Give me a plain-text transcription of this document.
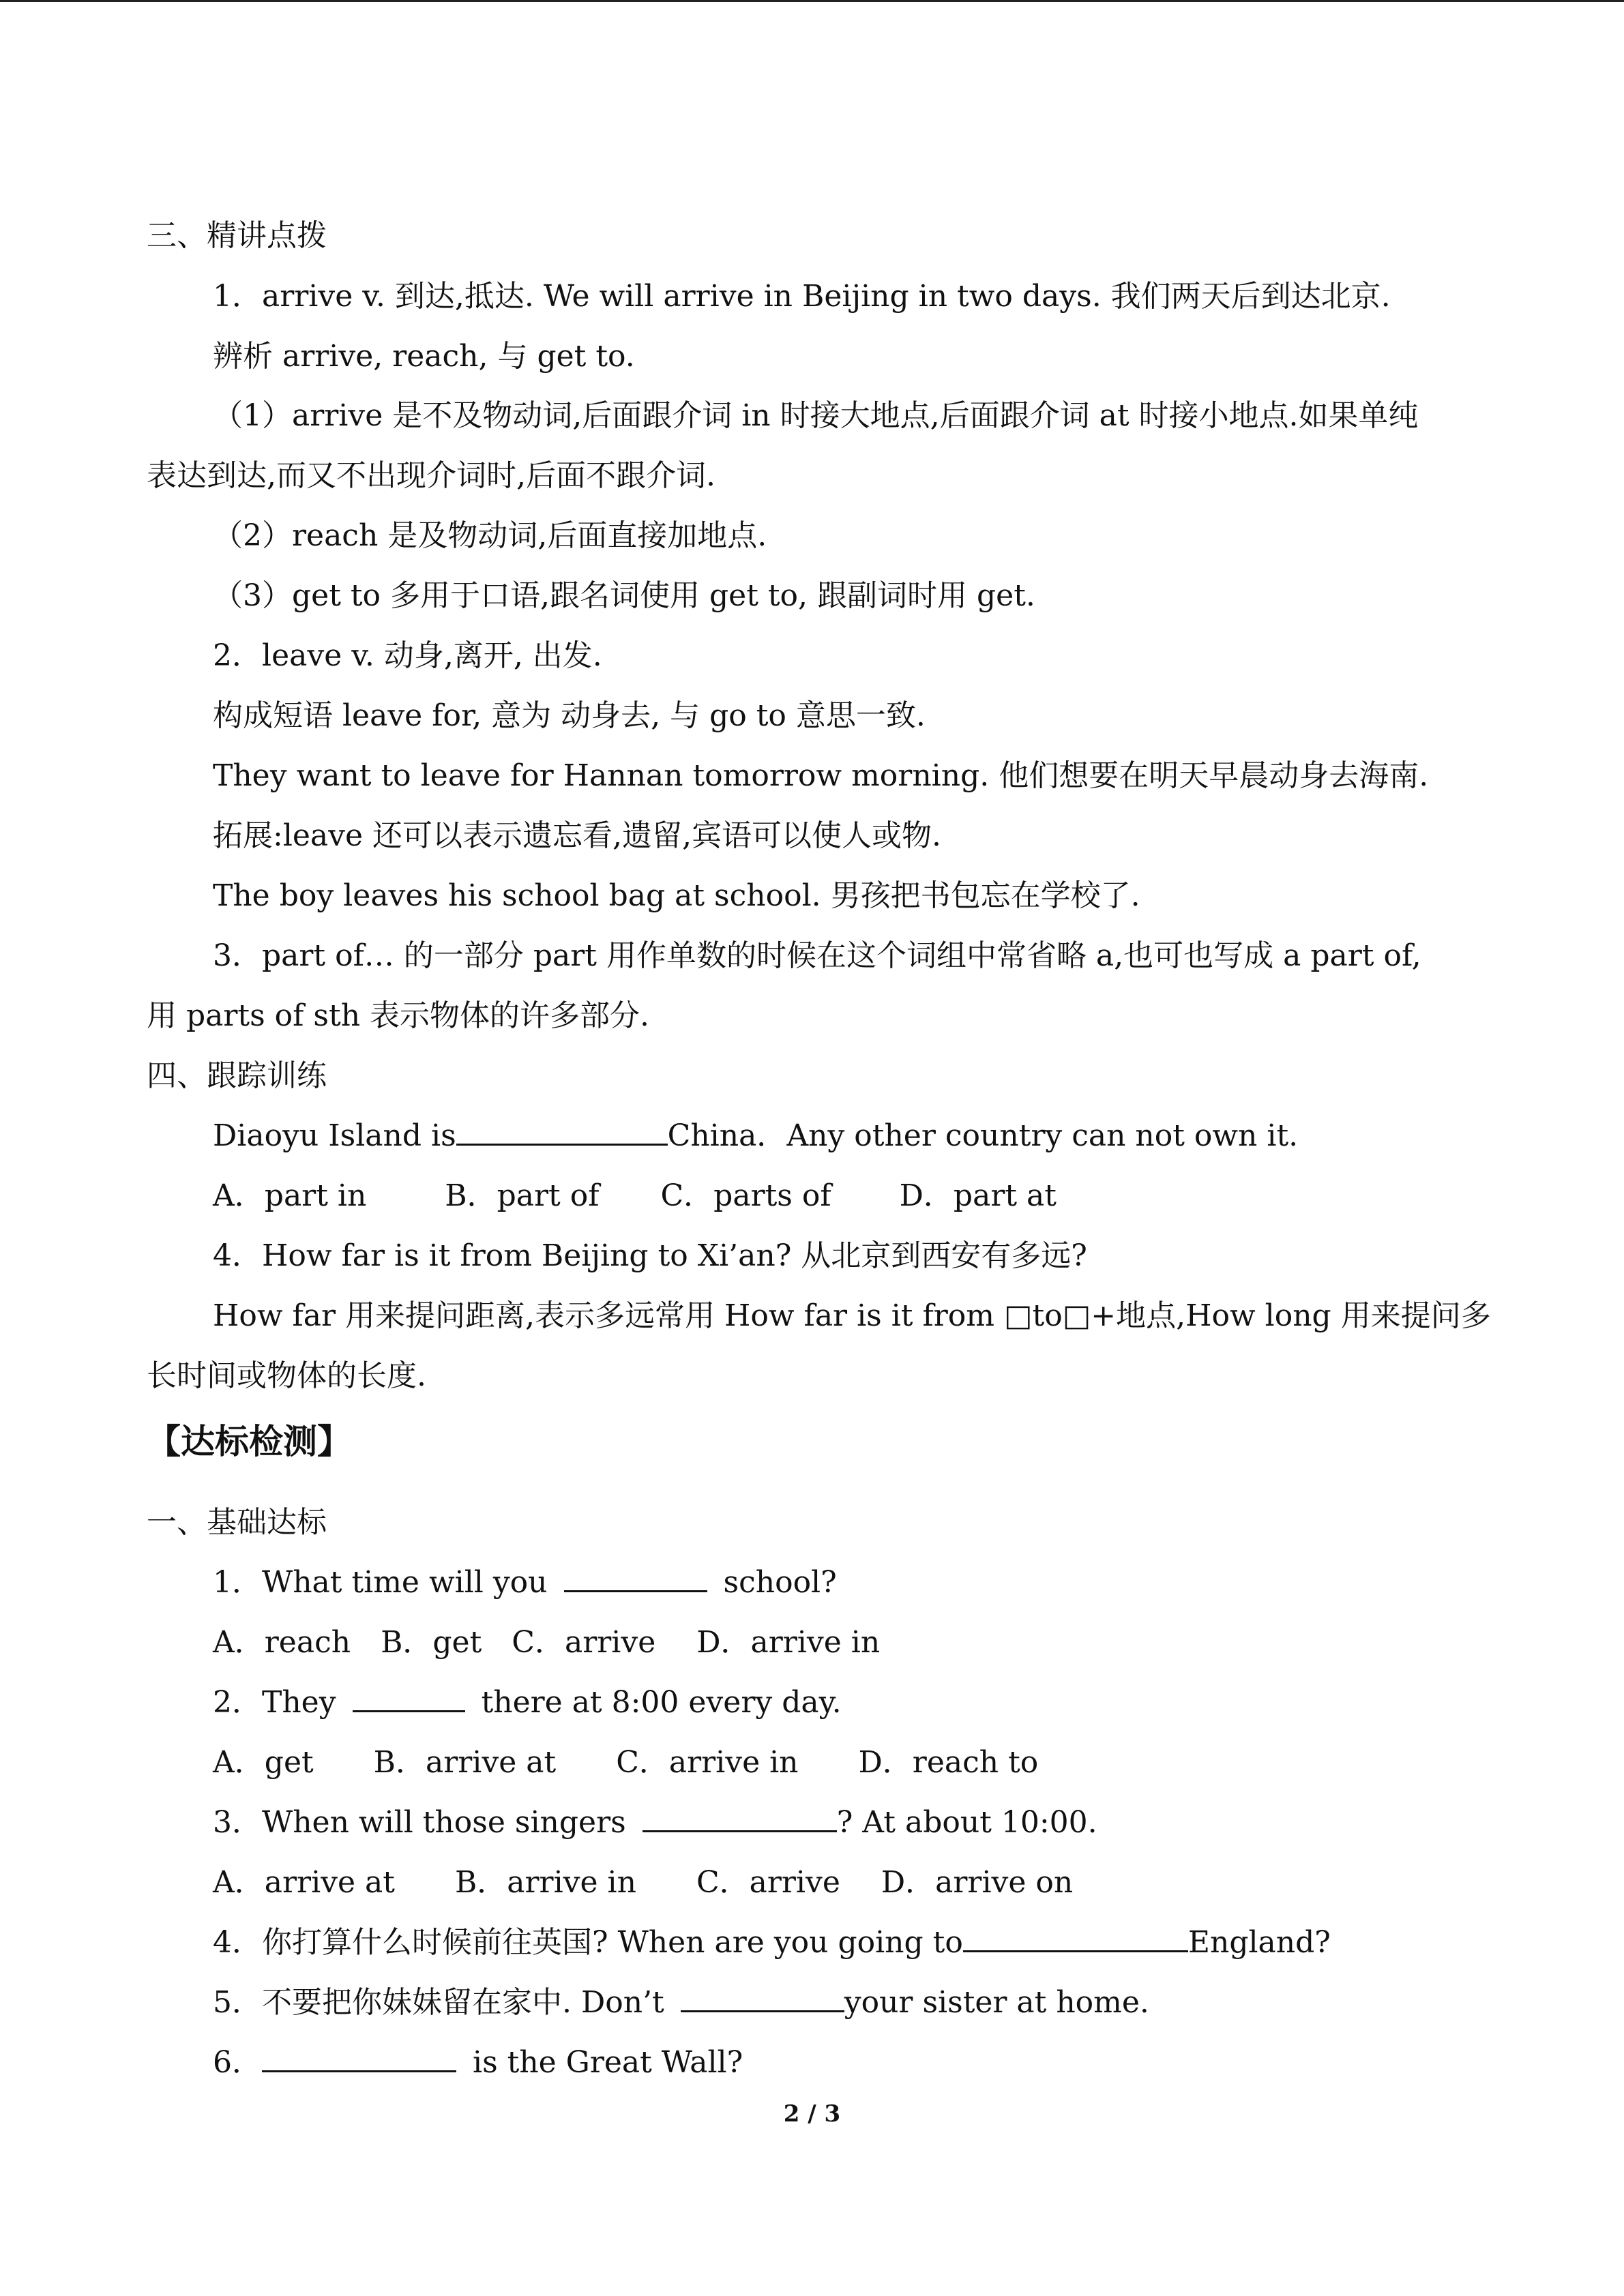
三、精讲点拨
1．arrive v. 到达,抵达. We will arrive in Beijing in two days. 我们两天后到达北京.
辨析 arrive, reach, 与 get to.
（1）arrive 是不及物动词,后面跟介词 in 时接大地点,后面跟介词 at 时接小地点.如果单纯
表达到达,而又不出现介词时,后面不跟介词.
（2）reach 是及物动词,后面直接加地点.
（3）get to 多用于口语,跟名词使用 get to, 跟副词时用 get.
2．leave v. 动身,离开, 出发.
构成短语 leave for, 意为 动身去, 与 go to 意思一致.
They want to leave for Hannan tomorrow morning. 他们想要在明天早晨动身去海南.
拓展:leave 还可以表示遗忘看,遗留,宾语可以使人或物.
The boy leaves his school bag at school. 男孩把书包忘在学校了.
3．part of… 的一部分 part 用作单数的时候在这个词组中常省略 a,也可也写成 a part of,
用 parts of sth 表示物体的许多部分.
四、跟踪训练
Diaoyu Island is	China．Any other country can not own it.
A．part in	B．part of C．parts of D．part at
4．How far is it from Beijing to Xi’an? 从北京到西安有多远?
How far 用来提问距离,表示多远常用 How far is it from □to□+地点,How long 用来提问多
长时间或物体的长度.
【达标检测】
一、基础达标
1．What time will you	school?
A．reach B．get C．arrive D．arrive in
2．They	there at 8:00 every day.
A．get B．arrive at C．arrive in D．reach to
3．When will those singers	? At about 10:00.
A．arrive at B．arrive in C．arrive D．arrive on
4．你打算什么时候前往英国? When are you going to	England?
5．不要把你妹妹留在家中. Don’t	your sister at home.
6．	is the Great Wall?
2 / 3
